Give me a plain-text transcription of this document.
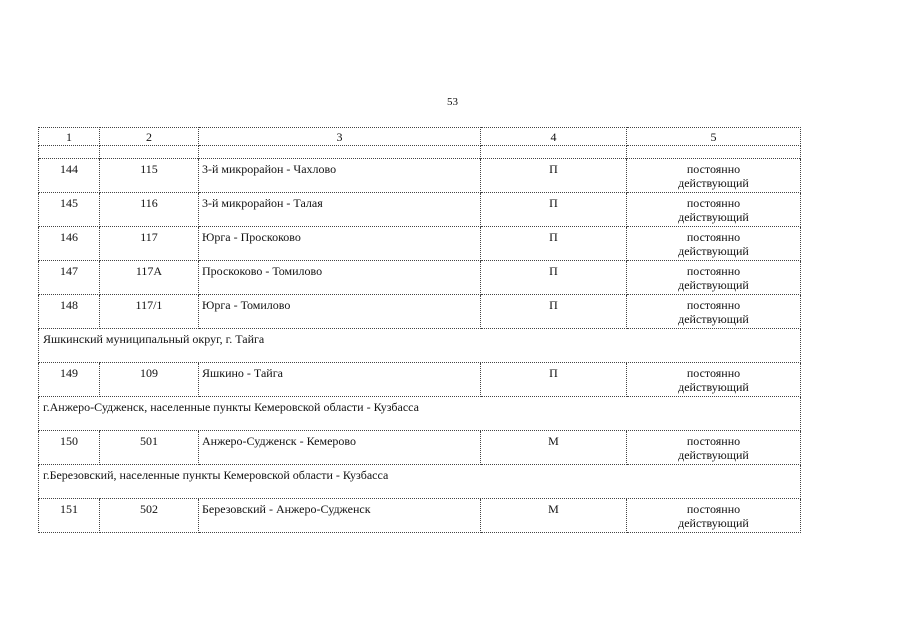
53
1	2	3	4	5

144	115	3-й микрорайон - Чахлово	П	постоянно
действующий

145	116	3-й микрорайон - Талая	П	постоянно
действующий

146	117	Юрга - Проскоково	П	постоянно
действующий

147	117А	Проскоково - Томилово	П	постоянно
действующий

148	117/1	Юрга - Томилово	П	постоянно
действующий

Яшкинский муниципальный округ, г. Тайга				
149	109	Яшкино - Тайга	П	постоянно
действующий

г.Анжеро-Судженск, населенные пункты Кемеровской области - Кузбасса				
150	501	Анжеро-Судженск - Кемерово	М	постоянно
действующий

г.Березовский, населенные пункты Кемеровской области - Кузбасса				
151	502	Березовский - Анжеро-Судженск	М	постоянно
действующий
